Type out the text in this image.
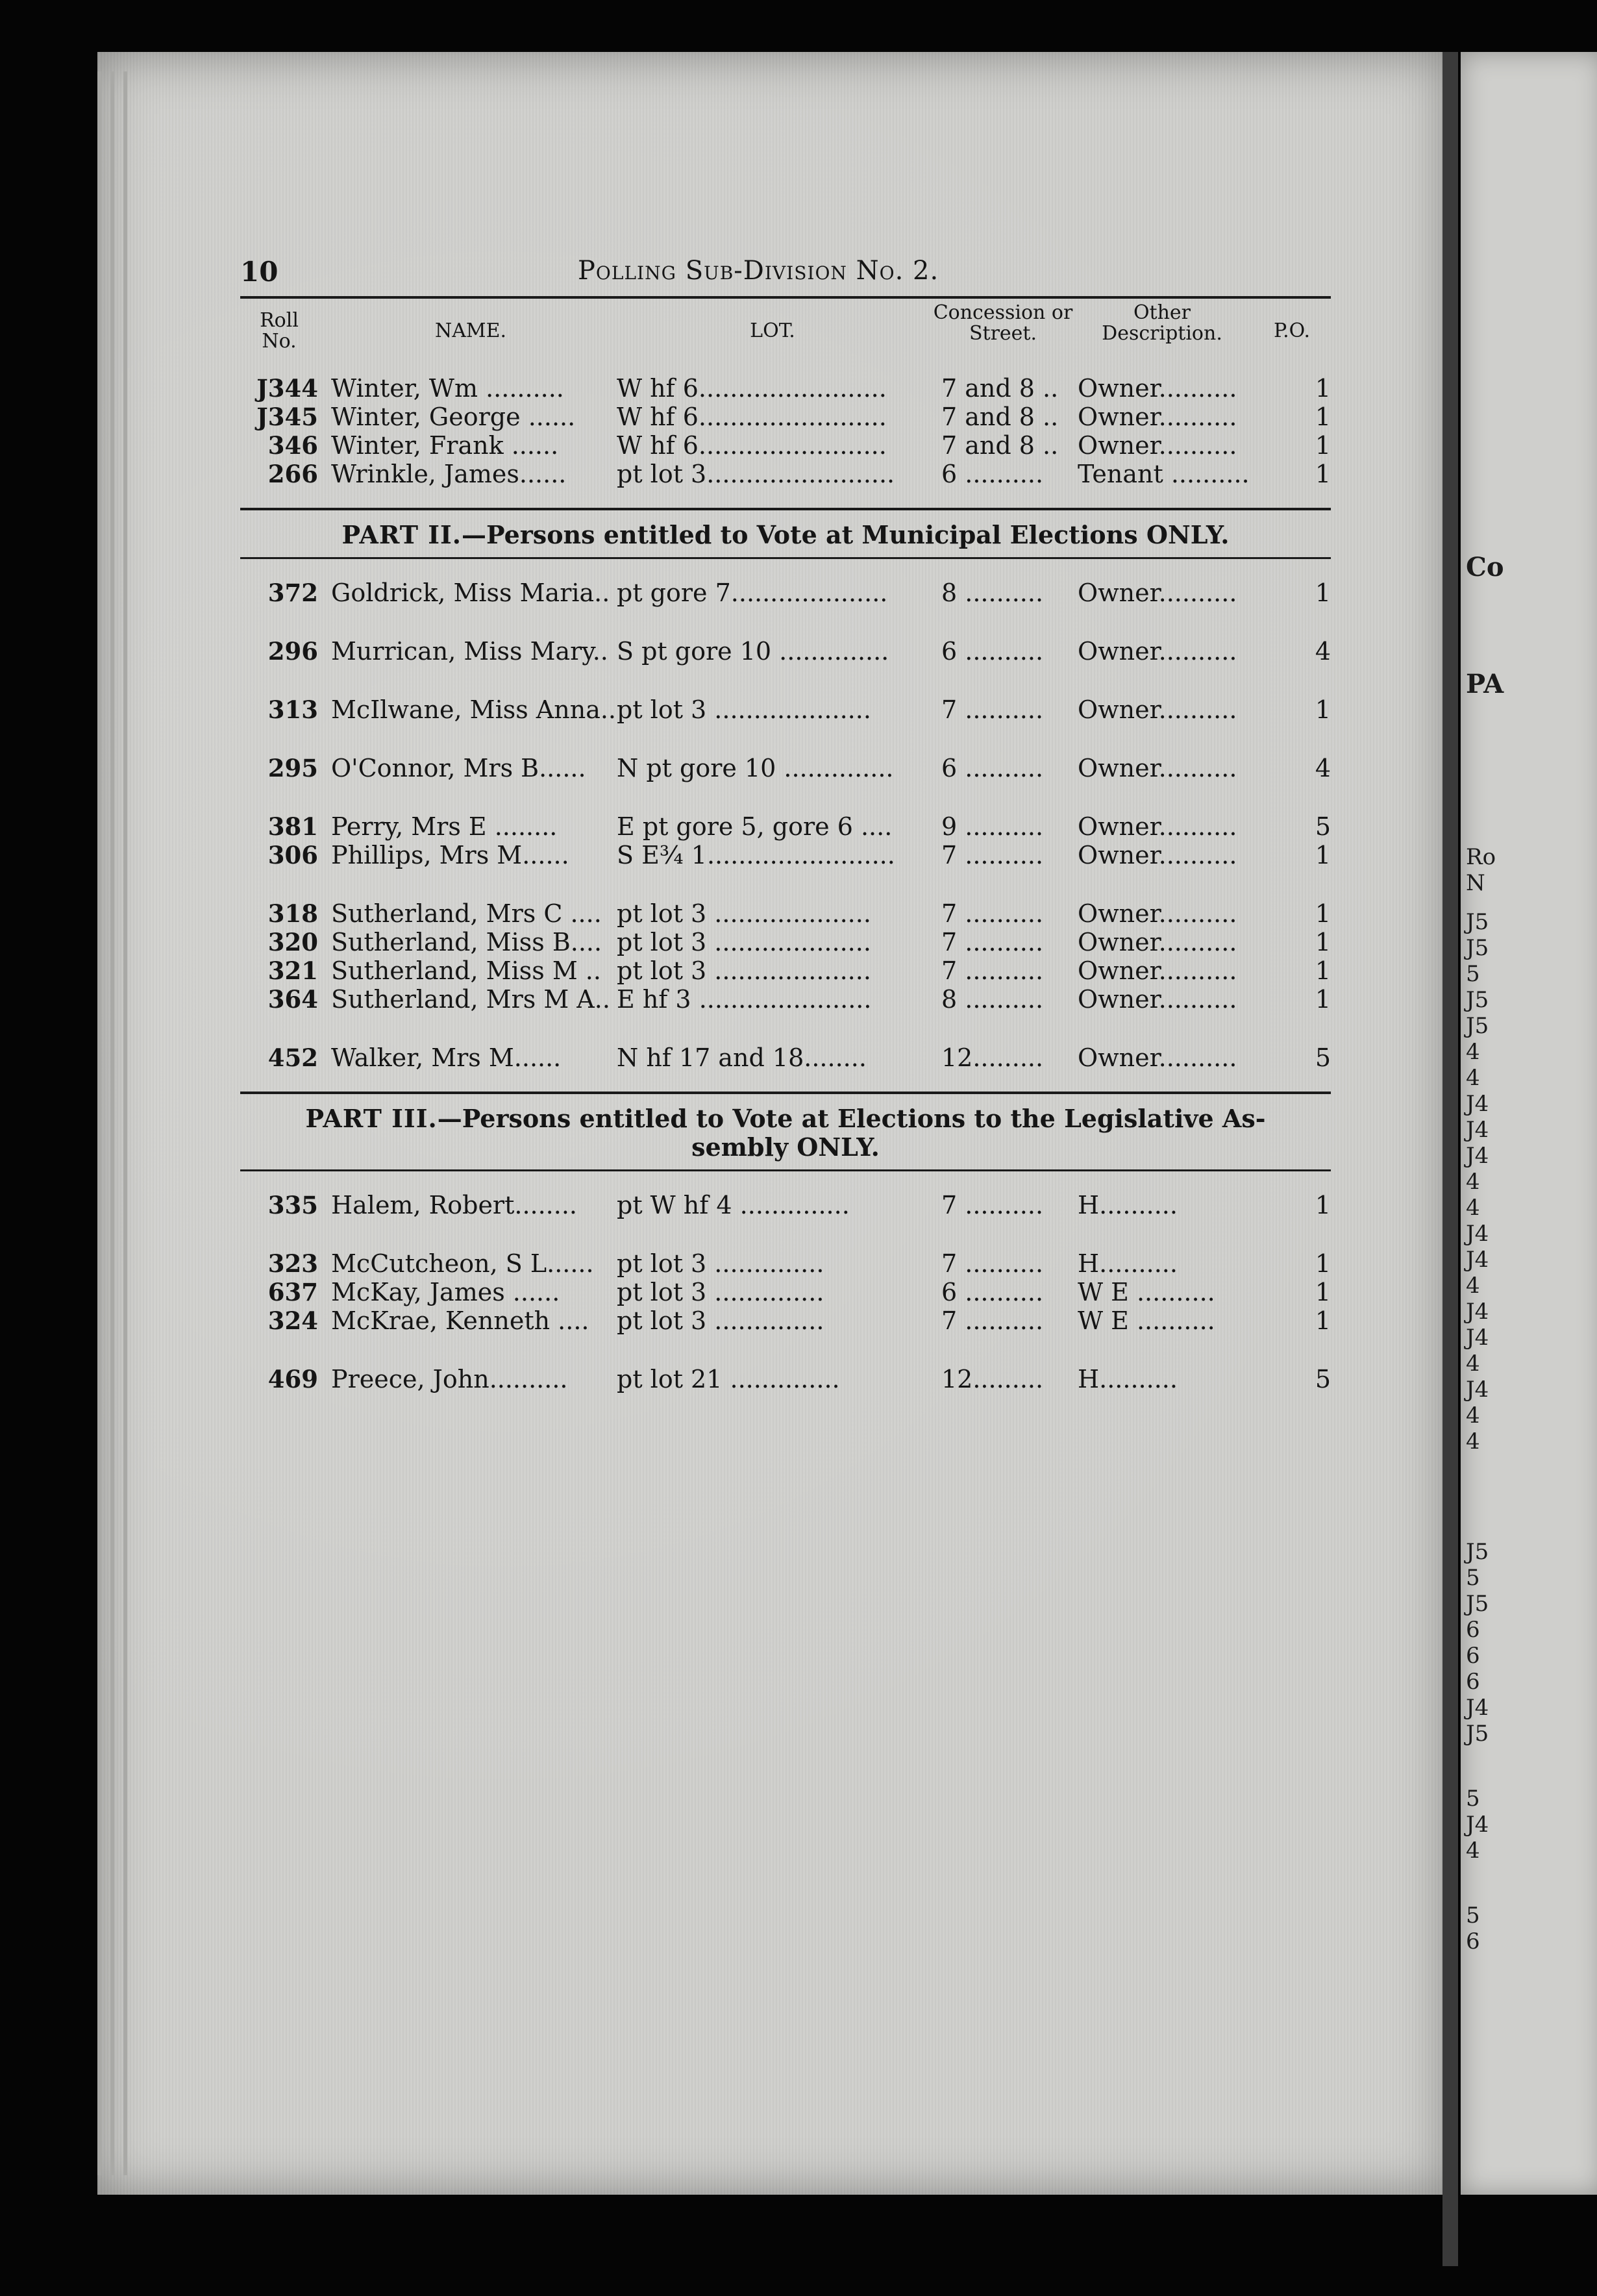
Co
PA
Ro
N
J5
J5
5
J5
J5
4
4
J4
J4
J4
4
4
J4
J4
4
J4
J4
4
J4
4
4
J5
5
J5
6
6
6
J4
J5
5
J4
4
5
6
10	Polling Sub-Division No. 2.
Roll No.	NAME.	LOT.
Concession or Street.
Other Description.	P.O.
J344 Winter, Wm .......... W hf 6........................ 7 and 8 .. Owner..........	1
J345 Winter, George ...... W hf 6........................ 7 and 8 .. Owner..........	1
346 Winter, Frank ...... W hf 6........................ 7 and 8 .. Owner..........	1
266 Wrinkle, James...... pt lot 3........................ 6 .......... Tenant ..........	1
PART II.—Persons entitled to Vote at Municipal Elections ONLY.
372 Goldrick, Miss Maria.. pt gore 7.................... 8 .......... Owner..........	1
296 Murrican, Miss Mary.. S pt gore 10 .............. 6 .......... Owner..........	4
313 McIlwane, Miss Anna.. pt lot 3 ....................	7 .......... Owner..........	1
295 O'Connor, Mrs B...... N pt gore 10 .............. 6 .......... Owner..........	4
381 Perry, Mrs E ........ E pt gore 5, gore 6 .... 9 .......... Owner..........	5
306 Phillips, Mrs M...... S E¾ 1........................ 7 .......... Owner..........	1
318 Sutherland, Mrs C .... pt lot 3 ....................	7 .......... Owner..........	1
320 Sutherland, Miss B.... pt lot 3 ....................	7 .......... Owner..........	1
321 Sutherland, Miss M .. pt lot 3 ....................	7 .......... Owner..........	1
364 Sutherland, Mrs M A.. E hf 3 ......................	8 .......... Owner..........	1
452 Walker, Mrs M...... N hf 17 and 18........	12......... Owner..........	5
PART III.—Persons entitled to Vote at Elections to the Legislative As-
sembly ONLY.
335 Halem, Robert........ pt W hf 4 ..............	7 .......... H..........	1
323 McCutcheon, S L...... pt lot 3 ..............	7 .......... H..........	1
637 McKay, James ...... pt lot 3 ..............	6 .......... W E ..........	1
324 McKrae, Kenneth .... pt lot 3 ..............	7 .......... W E ..........	1
469 Preece, John.......... pt lot 21 ..............	12......... H..........	5
